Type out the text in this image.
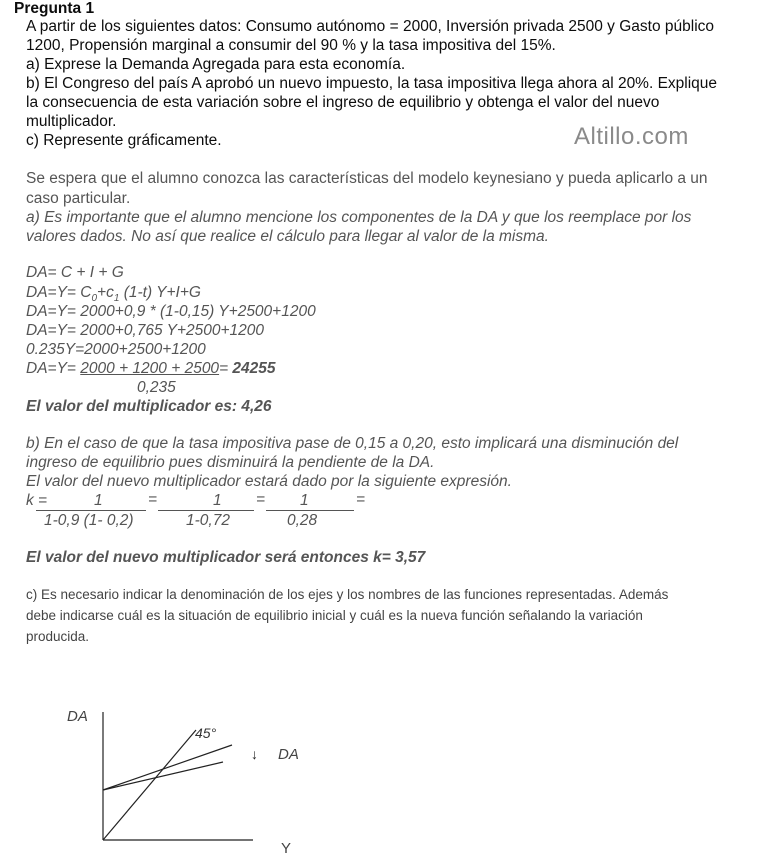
Pregunta 1
A partir de los siguientes datos: Consumo autónomo = 2000, Inversión privada 2500 y Gasto público
1200, Propensión marginal a consumir del 90 % y la tasa impositiva del 15%.
a) Exprese la Demanda Agregada para esta economía.
b) El Congreso del país A aprobó un nuevo impuesto, la tasa impositiva llega ahora al 20%. Explique
la consecuencia de esta variación sobre el ingreso de equilibrio y obtenga el valor del nuevo
multiplicador.
c) Represente gráficamente.	Altillo.com
Se espera que el alumno conozca las características del modelo keynesiano y pueda aplicarlo a un
caso particular.
a) Es importante que el alumno mencione los componentes de la DA y que los reemplace por los
valores dados. No así que realice el cálculo para llegar al valor de la misma.
DA= C + I + G
$DA=Y= C_0+c_1$ (1-t) Y+I+G
DA=Y= 2000+0,9 * (1-0,15) Y+2500+1200
DA=Y= 2000+0,765 Y+2500+1200
0.235Y=2000+2500+1200
DA=Y= 2000 + 1200 + 2500= 24255
0,235
El valor del multiplicador es: 4,26
b) En el caso de que la tasa impositiva pase de 0,15 a 0,20, esto implicará una disminución del
ingreso de equilibrio pues disminuirá la pendiente de la DA.
El valor del nuevo multiplicador estará dado por la siguiente expresión.
k =	1
1-0,9 (1- 0,2)
=	1
1-0,72
= 1
0,28
=
El valor del nuevo multiplicador será entonces k= 3,57
c) Es necesario indicar la denominación de los ejes y los nombres de las funciones representadas. Además
debe indicarse cuál es la situación de equilibrio inicial y cuál es la nueva función señalando la variación
producida.
DA
Y
45°
↓ DA
